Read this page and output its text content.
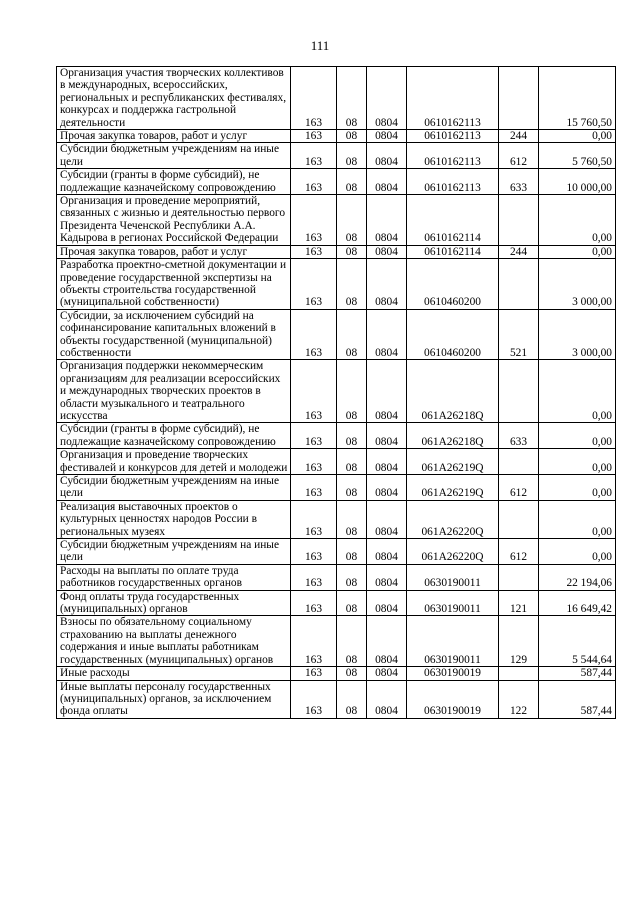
111
Организация участия творческих коллективов в международных, всероссийских, региональных и республиканских фестивалях, конкурсах и поддержка гастрольной деятельности	163	08	0804	0610162113		15 760,50
Прочая закупка товаров, работ и услуг	163	08	0804	0610162113	244	0,00
Субсидии бюджетным учреждениям на иные цели	163	08	0804	0610162113	612	5 760,50
Субсидии (гранты в форме субсидий), не подлежащие казначейскому сопровождению	163	08	0804	0610162113	633	10 000,00
Организация и проведение мероприятий, связанных с жизнью и деятельностью первого Президента Чеченской Республики А.А. Кадырова в регионах Российской Федерации	163	08	0804	0610162114		0,00
Прочая закупка товаров, работ и услуг	163	08	0804	0610162114	244	0,00
Разработка проектно-сметной документации и проведение государственной экспертизы на объекты строительства государственной (муниципальной собственности)	163	08	0804	0610460200		3 000,00
Субсидии, за исключением субсидий на софинансирование капитальных вложений в объекты государственной (муниципальной) собственности	163	08	0804	0610460200	521	3 000,00
Организация поддержки некоммерческим организациям для реализации всероссийских и международных творческих проектов в области музыкального и театрального искусства	163	08	0804	061A26218Q		0,00
Субсидии (гранты в форме субсидий), не подлежащие казначейскому сопровождению	163	08	0804	061A26218Q	633	0,00
Организация и проведение творческих фестивалей и конкурсов для детей и молодежи	163	08	0804	061A26219Q		0,00
Субсидии бюджетным учреждениям на иные цели	163	08	0804	061A26219Q	612	0,00
Реализация выставочных проектов о культурных ценностях народов России в региональных музеях	163	08	0804	061A26220Q		0,00
Субсидии бюджетным учреждениям на иные цели	163	08	0804	061A26220Q	612	0,00
Расходы на выплаты по оплате труда работников государственных органов	163	08	0804	0630190011		22 194,06
Фонд оплаты труда государственных (муниципальных) органов	163	08	0804	0630190011	121	16 649,42
Взносы по обязательному социальному страхованию на выплаты денежного содержания и иные выплаты работникам государственных (муниципальных) органов	163	08	0804	0630190011	129	5 544,64
Иные расходы	163	08	0804	0630190019		587,44
Иные выплаты персоналу государственных (муниципальных) органов, за исключением фонда оплаты	163	08	0804	0630190019	122	587,44
